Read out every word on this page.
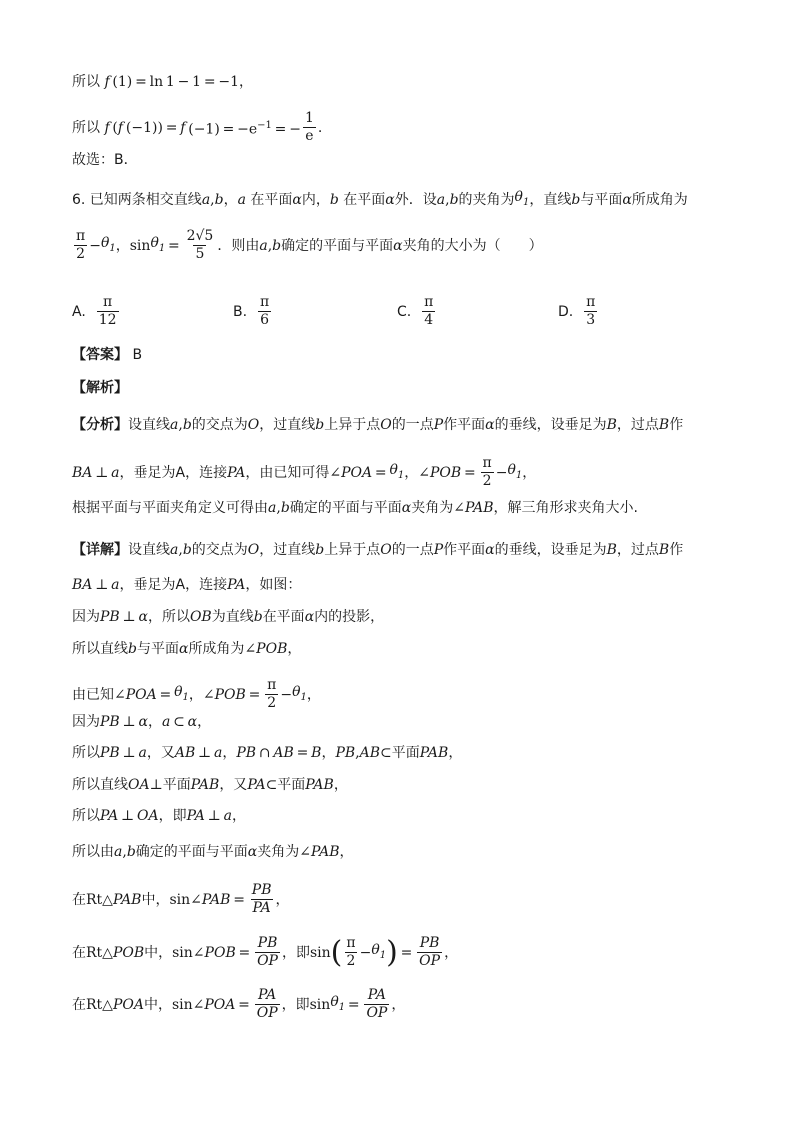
所以 f  (1) = ln 1 − 1 = −1 ，
所以 f  ( f  (−1)) =  f  $(-1) = -e^{-1}$ = − $\frac{1}{e}$ .
故选：B．
6. 已知两条相交直线 a , b ， a 在平面 α 内， b 在平面 α 外．设 a , b 的夹角为 $\theta_1$ ，直线 b 与平面 α 所成角为
$\frac{\pi}{2} - \theta_1$ ， $\sin \theta_1 = \frac{2√5}{5}$ ．则由 a , b 确定的平面与平面 α 夹角的大小为（　　）
A. $\frac{\pi}{12}$	B. $\frac{\pi}{6}$	C. $\frac{\pi}{4}$	D. $\frac{\pi}{3}$
【答案】
B
【解析】
【分析】 设直线 a , b 的交点为 O ，过直线 b 上异于点 O 的一点 P 作平面 α 的垂线，设垂足为 B ，过点 B 作
BA  ⊥  a ，垂足为A，连接 PA ，由已知可得 ∠ POA  =  $\theta_1$ ， ∠ POB  =  $\frac{\pi}{2} - \theta_1$ ，
根据平面与平面夹角定义可得由 a , b 确定的平面与平面 α 夹角为 ∠ PAB ，解三角形求夹角大小.
【详解】 设直线 a , b 的交点为 O ，过直线 b 上异于点 O 的一点 P 作平面 α 的垂线，设垂足为 B ，过点 B 作
BA  ⊥  a ，垂足为A，连接 PA ，如图：
因为 PB  ⊥  α ，所以 OB 为直线 b 在平面 α 内的投影，
所以直线 b 与平面 α 所成角为 ∠ POB ，
由已知 ∠ POA  =  $\theta_1$ ， ∠ POB  =  $\frac{\pi}{2} - \theta_1$ ，
因为 PB  ⊥  α ， a  ⊂  α ，
所以 PB  ⊥  a ，又 AB  ⊥  a ， PB  ∩  AB  =  B ， PB , AB ⊂ 平面 PAB ，
所以直线 OA ⊥ 平面 PAB ，又 PA ⊂ 平面 PAB ，
所以 PA  ⊥  OA ，即 PA  ⊥  a ，
所以由 a , b 确定的平面与平面 α 夹角为 ∠ PAB ，
在 Rt△ PAB 中， sin∠ PAB  =  $\frac{PB}{PA}$ ，
在 Rt△ POB 中， sin∠ POB  =  $\frac{PB}{OP}$ ，即 sin ( $\frac{\pi}{2} - \theta_1$ )  =  $\frac{PB}{OP}$ ，
在 Rt△ POA 中， sin∠ POA  =  $\frac{PA}{OP}$ ，即 $\sin \theta_1 = \frac{PA}{OP}$ ，
